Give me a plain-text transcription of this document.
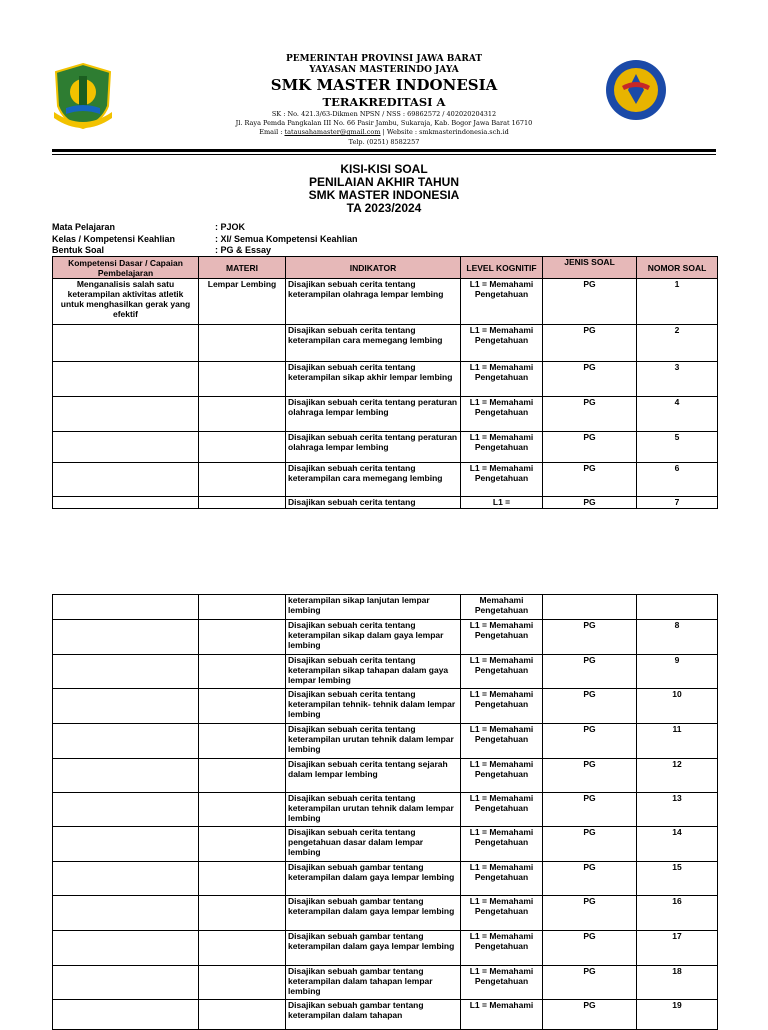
PEMERINTAH PROVINSI JAWA BARAT
YAYASAN MASTERINDO JAYA
SMK MASTER INDONESIA
TERAKREDITASI A
SK : No. 421.3/63-Dikmen NPSN / NSS : 69862572 / 402020204312
Jl. Raya Pemda Pangkalan III No. 66 Pasir Jambu, Sukaraja, Kab. Bogor Jawa Barat 16710
Email : tatausahamaster@gmail.com | Website : smkmasterindonesia.sch.id
Telp. (0251) 8582257
KISI-KISI SOAL
PENILAIAN AKHIR TAHUN
SMK MASTER INDONESIA
TA 2023/2024
Mata Pelajaran	: PJOK
Kelas / Kompetensi Keahlian	: XI/ Semua Kompetensi Keahlian
Bentuk Soal	: PG & Essay
Kompetensi Dasar / Capaian Pembelajaran	MATERI	INDIKATOR	LEVEL KOGNITIF	JENIS SOAL	NOMOR SOAL
Menganalisis salah satu keterampilan aktivitas atletik untuk menghasilkan gerak yang efektif	Lempar Lembing	Disajikan sebuah cerita tentang keterampilan olahraga lempar lembing	L1 = Memahami Pengetahuan	PG	1
		Disajikan sebuah cerita tentang keterampilan cara memegang lembing	L1 = Memahami Pengetahuan	PG	2
		Disajikan sebuah cerita tentang keterampilan sikap akhir lempar lembing	L1 = Memahami Pengetahuan	PG	3
		Disajikan sebuah cerita tentang peraturan olahraga lempar lembing	L1 = Memahami Pengetahuan	PG	4
		Disajikan sebuah cerita tentang peraturan olahraga lempar lembing	L1 = Memahami Pengetahuan	PG	5
		Disajikan sebuah cerita tentang keterampilan cara memegang lembing	L1 = Memahami Pengetahuan	PG	6
		Disajikan sebuah cerita tentang	L1 =	PG	7
		keterampilan sikap lanjutan lempar lembing	Memahami Pengetahuan		
		Disajikan sebuah cerita tentang keterampilan sikap dalam gaya lempar lembing	L1 = Memahami Pengetahuan	PG	8
		Disajikan sebuah cerita tentang keterampilan sikap tahapan dalam gaya lempar lembing	L1 = Memahami Pengetahuan	PG	9
		Disajikan sebuah cerita tentang keterampilan tehnik- tehnik dalam lempar lembing	L1 = Memahami Pengetahuan	PG	10
		Disajikan sebuah cerita tentang keterampilan urutan tehnik dalam lempar lembing	L1 = Memahami Pengetahuan	PG	11
		Disajikan sebuah cerita tentang sejarah dalam lempar lembing	L1 = Memahami Pengetahuan	PG	12
		Disajikan sebuah cerita tentang keterampilan urutan tehnik dalam lempar lembing	L1 = Memahami Pengetahuan	PG	13
		Disajikan sebuah cerita tentang pengetahuan dasar dalam lempar lembing	L1 = Memahami Pengetahuan	PG	14
		Disajikan sebuah gambar tentang keterampilan dalam gaya lempar lembing	L1 = Memahami Pengetahuan	PG	15
		Disajikan sebuah gambar tentang keterampilan dalam gaya lempar lembing	L1 = Memahami Pengetahuan	PG	16
		Disajikan sebuah gambar tentang keterampilan dalam gaya lempar lembing	L1 = Memahami Pengetahuan	PG	17
		Disajikan sebuah gambar tentang keterampilan dalam tahapan lempar lembing	L1 = Memahami Pengetahuan	PG	18
		Disajikan sebuah gambar tentang keterampilan dalam tahapan	L1 = Memahami	PG	19
